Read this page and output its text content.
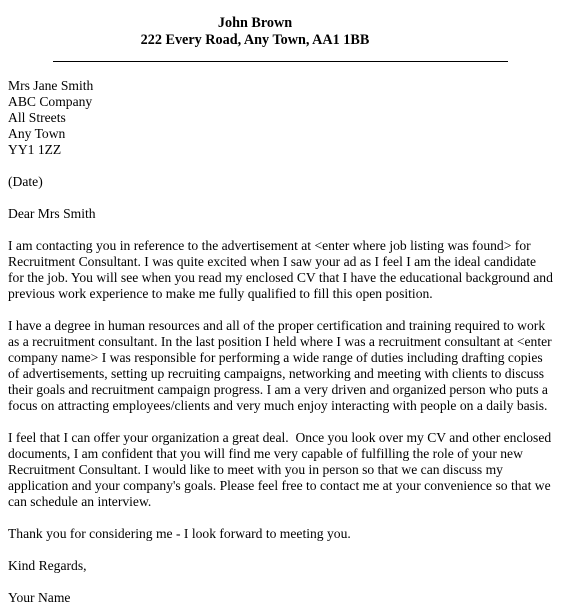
John Brown
222 Every Road, Any Town, AA1 1BB
Mrs Jane Smith
ABC Company
All Streets
Any Town
YY1 1ZZ
(Date)
Dear Mrs Smith
I am contacting you in reference to the advertisement at <enter where job listing was found> for
Recruitment Consultant. I was quite excited when I saw your ad as I feel I am the ideal candidate
for the job. You will see when you read my enclosed CV that I have the educational background and
previous work experience to make me fully qualified to fill this open position.
I have a degree in human resources and all of the proper certification and training required to work
as a recruitment consultant. In the last position I held where I was a recruitment consultant at <enter
company name> I was responsible for performing a wide range of duties including drafting copies
of advertisements, setting up recruiting campaigns, networking and meeting with clients to discuss
their goals and recruitment campaign progress. I am a very driven and organized person who puts a
focus on attracting employees/clients and very much enjoy interacting with people on a daily basis.
I feel that I can offer your organization a great deal.  Once you look over my CV and other enclosed
documents, I am confident that you will find me very capable of fulfilling the role of your new
Recruitment Consultant. I would like to meet with you in person so that we can discuss my
application and your company's goals. Please feel free to contact me at your convenience so that we
can schedule an interview.
Thank you for considering me - I look forward to meeting you.
Kind Regards,
Your Name
